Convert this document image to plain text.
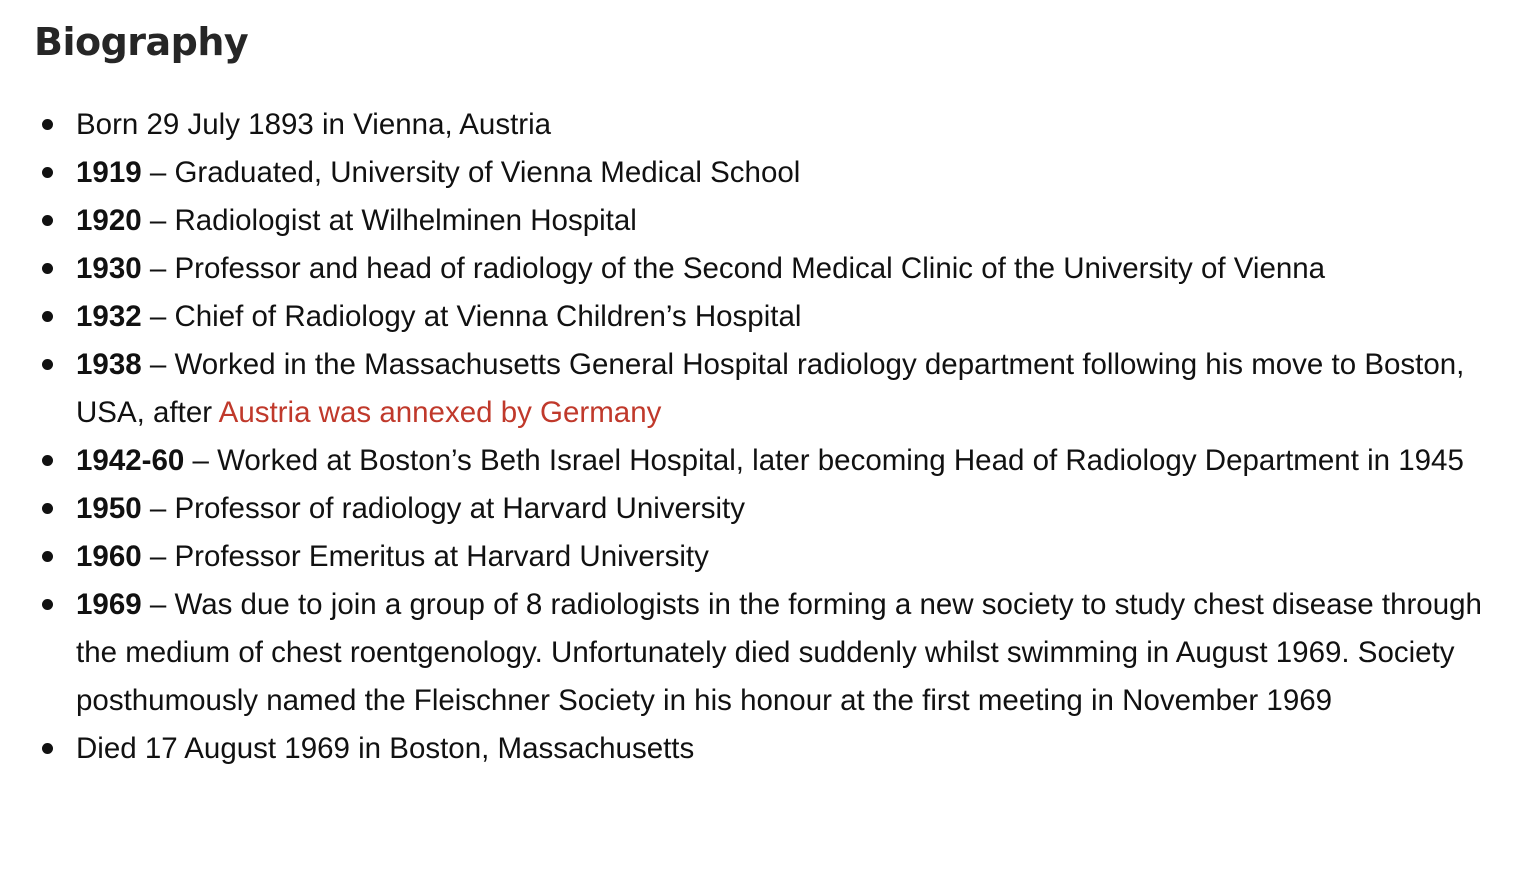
Biography
Born 29 July 1893 in Vienna, Austria
1919 – Graduated, University of Vienna Medical School
1920 – Radiologist at Wilhelminen Hospital
1930 – Professor and head of radiology of the Second Medical Clinic of the University of Vienna
1932 – Chief of Radiology at Vienna Children’s Hospital
1938 – Worked in the Massachusetts General Hospital radiology department following his move to Boston, USA, after Austria was annexed by Germany
1942-60 – Worked at Boston’s Beth Israel Hospital, later becoming Head of Radiology Department in 1945
1950 – Professor of radiology at Harvard University
1960 – Professor Emeritus at Harvard University
1969 – Was due to join a group of 8 radiologists in the forming a new society to study chest disease through the medium of chest roentgenology. Unfortunately died suddenly whilst swimming in August 1969. Society posthumously named the Fleischner Society in his honour at the first meeting in November 1969
Died 17 August 1969 in Boston, Massachusetts
